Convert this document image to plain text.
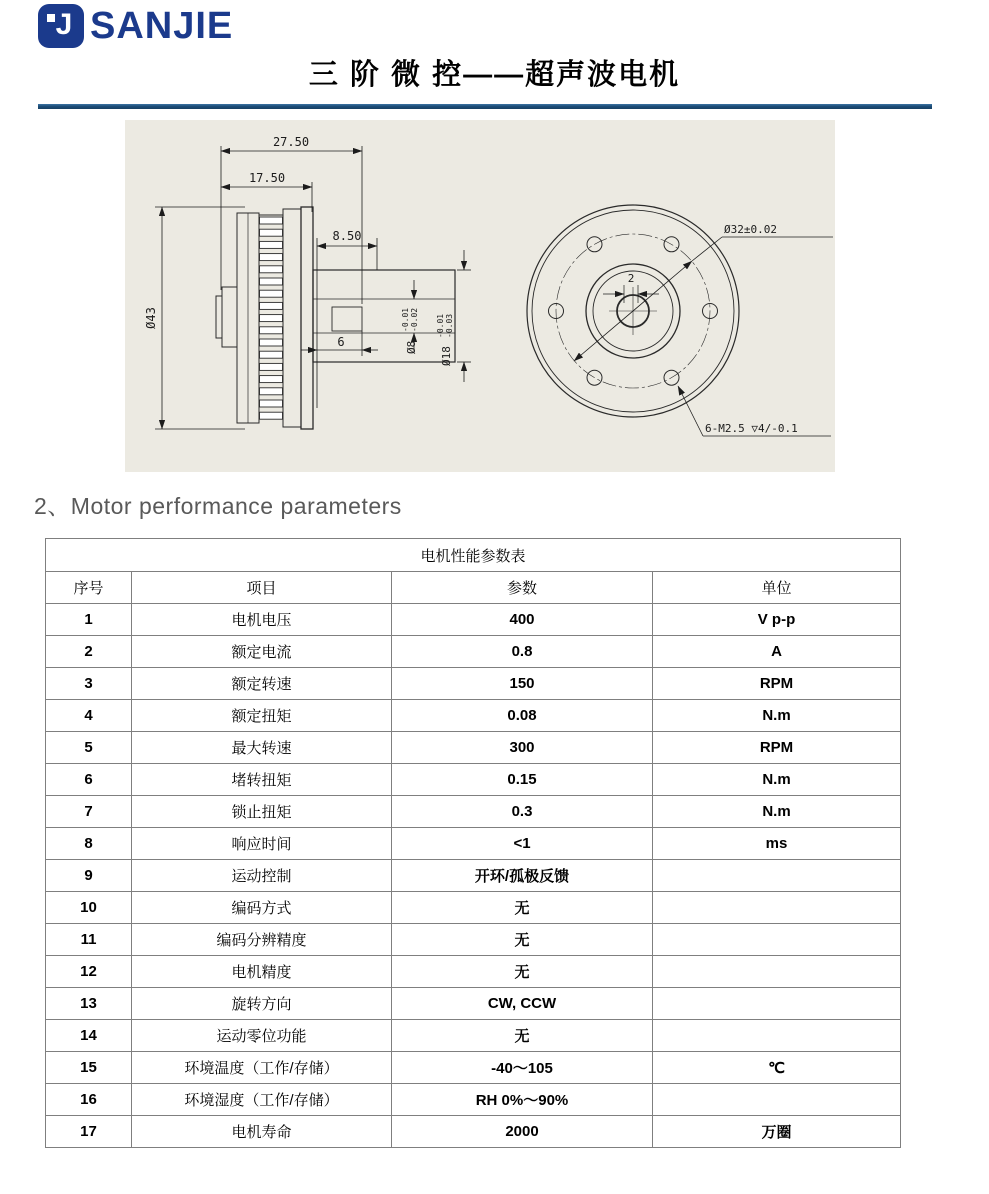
J SANJIE
三 阶 微 控——超声波电机
27.50
17.50
8.50
6
Ø43
Ø8
-0.01 -0.02
Ø18
-0.01 -0.03
Ø32±0.02
6-M2.5 ▽4/-0.1
2
2、Motor performance parameters
电机性能参数表			
序号	项目	参数	单位
1	电机电压	400	V p-p
2	额定电流	0.8	A
3	额定转速	150	RPM
4	额定扭矩	0.08	N.m
5	最大转速	300	RPM
6	堵转扭矩	0.15	N.m
7	锁止扭矩	0.3	N.m
8	响应时间	<1	ms
9	运动控制	开环/孤极反馈	
10	编码方式	无	
11	编码分辨精度	无	
12	电机精度	无	
13	旋转方向	CW, CCW	
14	运动零位功能	无	
15	环境温度（工作/存储）	-40～105	℃
16	环境湿度（工作/存储）	RH 0%～90%	
17	电机寿命	2000	万圈
